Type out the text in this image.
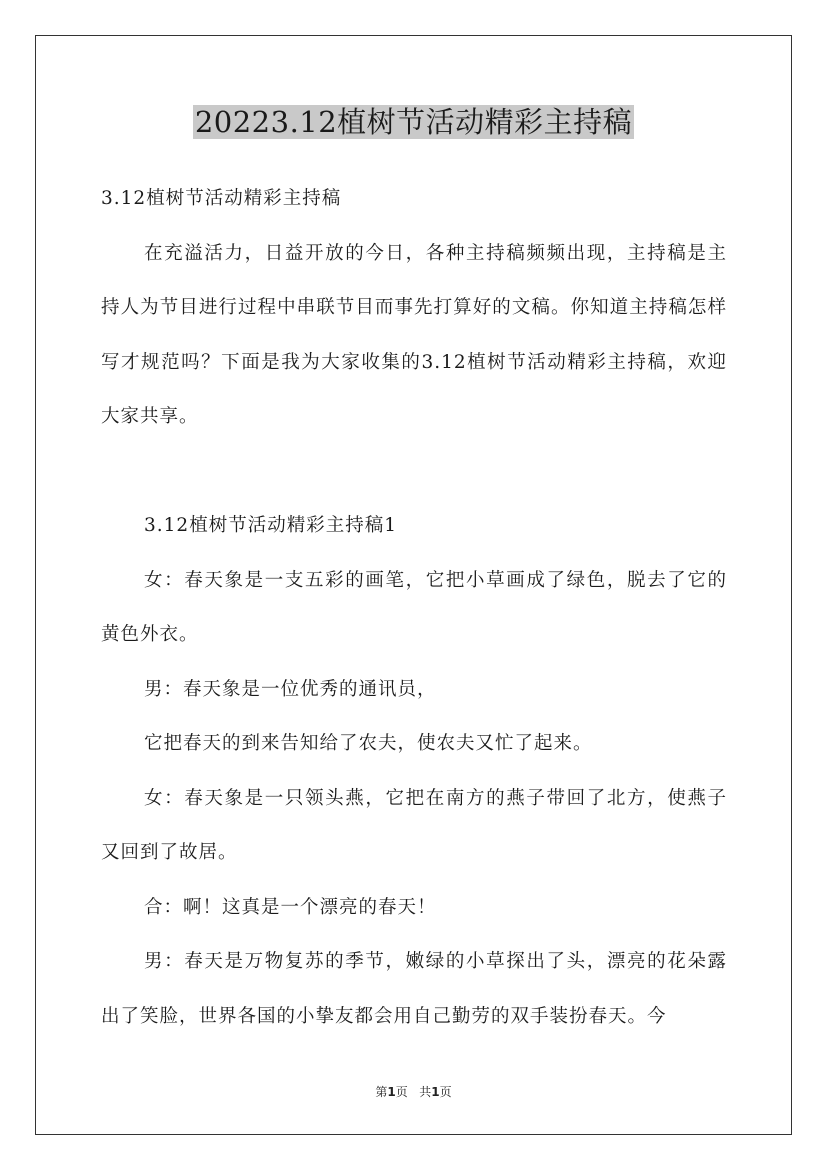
20223.12植树节活动精彩主持稿

3.12植树节活动精彩主持稿

在充溢活力，日益开放的今日，各种主持稿频频出现，主持稿是主持人为节目进行过程中串联节目而事先打算好的文稿。你知道主持稿怎样写才规范吗？下面是我为大家收集的3.12植树节活动精彩主持稿，欢迎大家共享。

3.12植树节活动精彩主持稿1

女：春天象是一支五彩的画笔，它把小草画成了绿色，脱去了它的黄色外衣。

男：春天象是一位优秀的通讯员，

它把春天的到来告知给了农夫，使农夫又忙了起来。

女：春天象是一只领头燕，它把在南方的燕子带回了北方，使燕子又回到了故居。

合：啊！这真是一个漂亮的春天！

男：春天是万物复苏的季节，嫩绿的小草探出了头，漂亮的花朵露出了笑脸，世界各国的小挚友都会用自己勤劳的双手装扮春天。今

第1页 共1页
